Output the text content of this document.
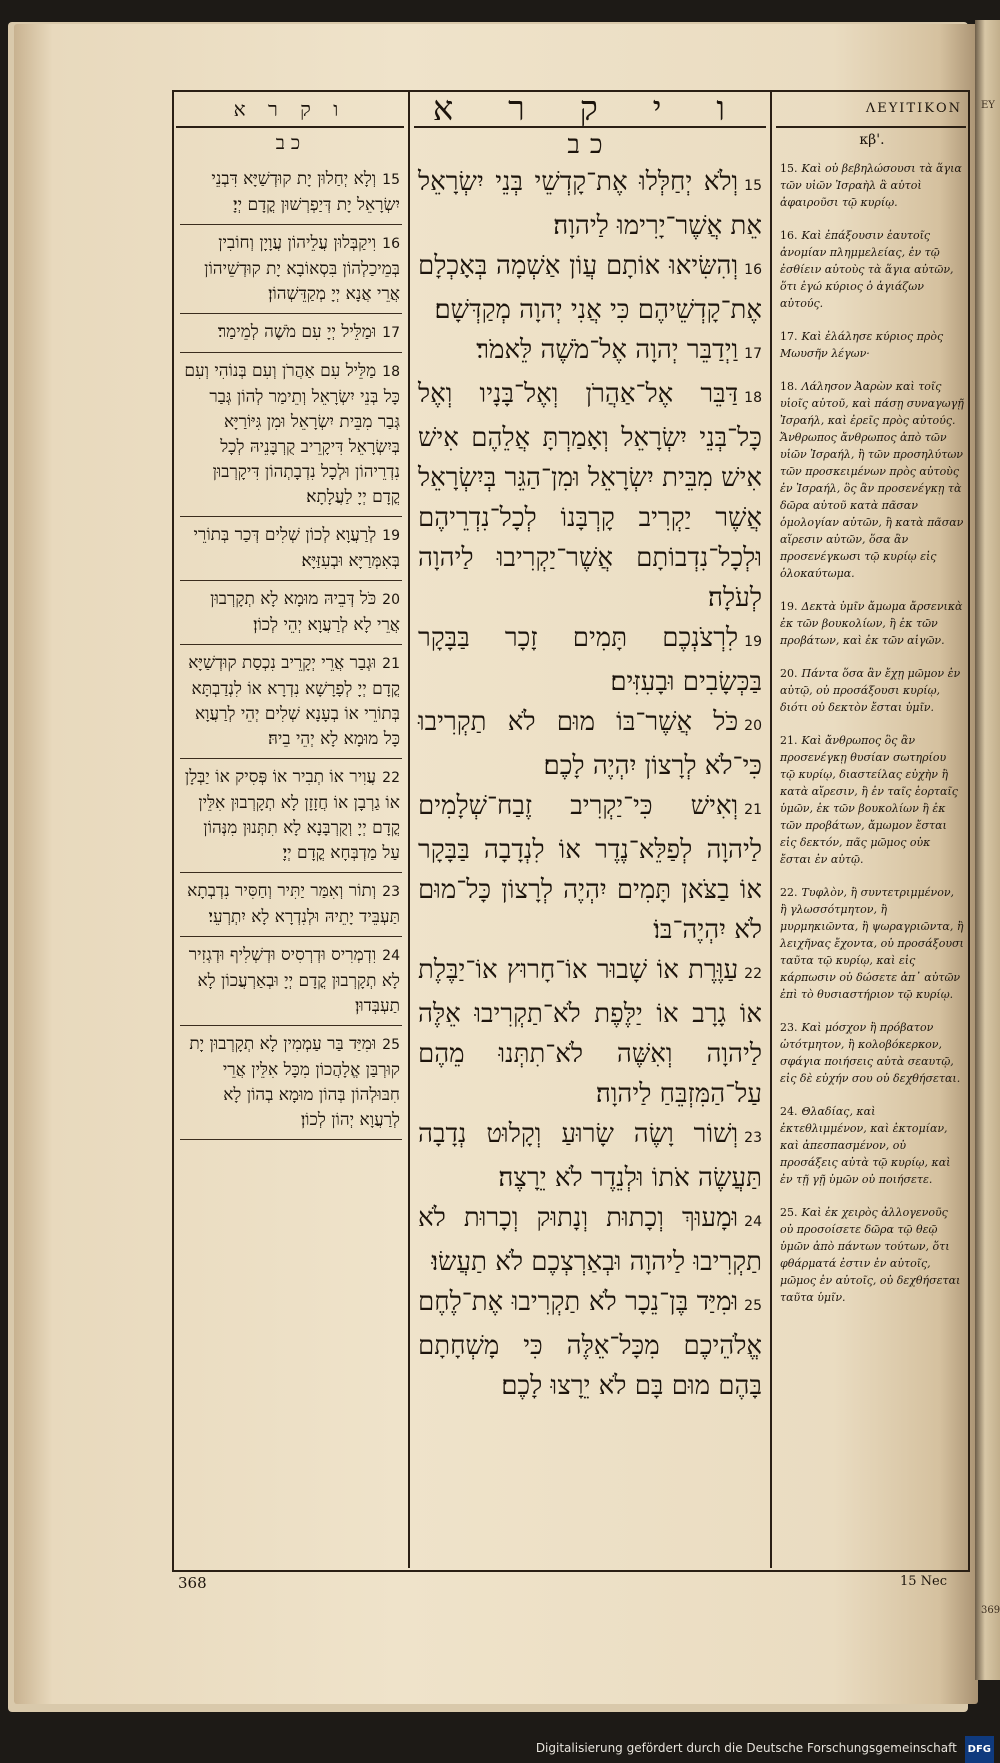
ΕΥ
369
ו ק ר א	ו י ק ר א	ΛΕΥΙΤΙΚΟΝ
כב

15וְלָא יְחַלוּן יָת קוּדְשַׁיָּא דִּבְנֵי יִשְׂרָאֵל יָת דְּיַפְרְשׁוּן קֳדָם יְיָ׃

16וִיקַבְּלוּן עֲלֵיהוֹן עֲוָיָן וְחוֹבִין בְּמֵיכַלְהוֹן בִּסְאוֹבָא יָת קוּדְשֵׁיהוֹן אֲרֵי אֲנָא יְיָ מְקַדֵּשְׁהוֹן׃

17וּמַלֵּיל יְיָ עִם מֹשֶׁה לְמֵימַר׃

18מַלֵּיל עִם אַהֲרֹן וְעִם בְּנוֹהִי וְעִם כָּל בְּנֵי יִשְׂרָאֵל וְתֵימַר לְהוֹן גְּבַר גְּבַר מִבֵּית יִשְׂרָאֵל וּמִן גִּיּוֹרַיָּא בְּיִשְׂרָאֵל דִּיקָרֵיב קֻרְבָּנֵיהּ לְכָל נִדְרֵיהוֹן וּלְכָל נִדְבָתְהוֹן דִּיקָרְבוּן קֳדָם יְיָ לַעֲלָתָא׃

19לְרַעֲוָא לְכוֹן שְׁלִים דְּכַר בְּתוֹרֵי בְּאִמְּרַיָּא וּבְעִזַּיָּא׃

20כֹּל דְּבֵיהּ מוּמָא לָא תְקָרְבוּן אֲרֵי לָא לְרַעֲוָא יְהֵי לְכוֹן׃

21וּגְבַר אֲרֵי יְקָרֵיב נִכְסַת קוּדְשַׁיָּא קֳדָם יְיָ לְפָרָשָׁא נִדְרָא אוֹ לִנְדַבְתָּא בְּתוֹרֵי אוֹ בְעָנָא שְׁלִים יְהֵי לְרַעֲוָא כָּל מוּמָא לָא יְהֵי בֵיהּ׃

22עֲוִיר אוֹ תְבִיר אוֹ פְּסִיק אוֹ יַבְּלָן אוֹ גַרְבָן אוֹ חֲזָזָן לָא תְקָרְבוּן אִלֵּין קֳדָם יְיָ וְקֻרְבָּנָא לָא תִתְּנוּן מִנְּהוֹן עַל מַדְבְּחָא קֳדָם יְיָ׃

23וְתוֹר וְאִמַּר יַתִּיר וְחַסִּיר נִדְבְתָא תַּעְבֵּיד יָתֵיהּ וּלְנִדְרָא לָא יִתְרְעֵי׃

24וִדְמְרִיס וּדְרְסִיס וּדְשְׁלִיף וּדְגְזִיר לָא תְקָרְבוּן קֳדָם יְיָ וּבְאַרְעֲכוֹן לָא תַעְבְּדוּן׃

25וּמִיַּד בַּר עַמְמִין לָא תְקָרְבוּן יָת קוּרְבַּן אֱלָהֲכוֹן מִכָּל אִלֵּין אֲרֵי חִבּוּלְהוֹן בְּהוֹן מוּמָא בְהוֹן לָא לְרַעֲוָא יְהוֹן לְכוֹן׃

כב

15וְלֹא יְחַלְּלוּ אֶת־קָדְשֵׁי בְּנֵי יִשְׂרָאֵל אֵת אֲשֶׁר־יָרִימוּ לַיהוָה׃

16וְהִשִּׂיאוּ אוֹתָם עֲוֹן אַשְׁמָה בְּאָכְלָם אֶת־קָדְשֵׁיהֶם כִּי אֲנִי יְהוָה מְקַדְּשָׁם׃

17וַיְדַבֵּר יְהוָה אֶל־מֹשֶׁה לֵּאמֹר׃

18דַּבֵּר אֶל־אַהֲרֹן וְאֶל־בָּנָיו וְאֶל כָּל־בְּנֵי יִשְׂרָאֵל וְאָמַרְתָּ אֲלֵהֶם אִישׁ אִישׁ מִבֵּית יִשְׂרָאֵל וּמִן־הַגֵּר בְּיִשְׂרָאֵל אֲשֶׁר יַקְרִיב קָרְבָּנוֹ לְכָל־נִדְרֵיהֶם וּלְכָל־נִדְבוֹתָם אֲשֶׁר־יַקְרִיבוּ לַיהוָה לְעֹלָה׃

19לִרְצֹנְכֶם תָּמִים זָכָר בַּבָּקָר בַּכְּשָׂבִים וּבָעִזִּים׃

20כֹּל אֲשֶׁר־בּוֹ מוּם לֹא תַקְרִיבוּ כִּי־לֹא לְרָצוֹן יִהְיֶה לָכֶם׃

21וְאִישׁ כִּי־יַקְרִיב זֶבַח־שְׁלָמִים לַיהוָה לְפַלֵּא־נֶדֶר אוֹ לִנְדָבָה בַּבָּקָר אוֹ בַצֹּאן תָּמִים יִהְיֶה לְרָצוֹן כָּל־מוּם לֹא יִהְיֶה־בּוֹ׃

22עַוֶּרֶת אוֹ שָׁבוּר אוֹ־חָרוּץ אוֹ־יַבֶּלֶת אוֹ גָרָב אוֹ יַלֶּפֶת לֹא־תַקְרִיבוּ אֵלֶּה לַיהוָה וְאִשֶּׁה לֹא־תִתְּנוּ מֵהֶם עַל־הַמִּזְבֵּחַ לַיהוָה׃

23וְשׁוֹר וָשֶׂה שָׂרוּעַ וְקָלוּט נְדָבָה תַּעֲשֶׂה אֹתוֹ וּלְנֵדֶר לֹא יֵרָצֶה׃

24וּמָעוּךְ וְכָתוּת וְנָתוּק וְכָרוּת לֹא תַקְרִיבוּ לַיהוָה וּבְאַרְצְכֶם לֹא תַעֲשׂוּ׃

25וּמִיַּד בֶּן־נֵכָר לֹא תַקְרִיבוּ אֶת־לֶחֶם אֱלֹהֵיכֶם מִכָּל־אֵלֶּה כִּי מָשְׁחָתָם בָּהֶם מוּם בָּם לֹא יֵרָצוּ לָכֶם׃

κβ'.

15. Καὶ οὐ βεβηλώσουσι τὰ ἅγια τῶν υἱῶν Ἰσραὴλ ἃ αὐτοὶ ἀφαιροῦσι τῷ κυρίῳ.

16. Καὶ ἐπάξουσιν ἑαυτοῖς ἀνομίαν πλημμελείας, ἐν τῷ ἐσθίειν αὐτοὺς τὰ ἅγια αὐτῶν, ὅτι ἐγώ κύριος ὁ ἁγιάζων αὐτούς.

17. Καὶ ἐλάλησε κύριος πρὸς Μωυσῆν λέγων·

18. Λάλησον Ἀαρὼν καὶ τοῖς υἱοῖς αὐτοῦ, καὶ πάσῃ συναγωγῇ Ἰσραήλ, καὶ ἐρεῖς πρὸς αὐτούς. Ἄνθρωπος ἄνθρωπος ἀπὸ τῶν υἱῶν Ἰσραήλ, ἢ τῶν προσηλύτων τῶν προσκειμένων πρὸς αὐτοὺς ἐν Ἰσραήλ, ὃς ἂν προσενέγκῃ τὰ δῶρα αὐτοῦ κατὰ πᾶσαν ὁμολογίαν αὐτῶν, ἢ κατὰ πᾶσαν αἵρεσιν αὐτῶν, ὅσα ἂν προσενέγκωσι τῷ κυρίῳ εἰς ὁλοκαύτωμα.

19. Δεκτὰ ὑμῖν ἄμωμα ἄρσενικὰ ἐκ τῶν βουκολίων, ἢ ἐκ τῶν προβάτων, καὶ ἐκ τῶν αἰγῶν.

20. Πάντα ὅσα ἂν ἔχῃ μῶμον ἐν αὐτῷ, οὐ προσάξουσι κυρίῳ, διότι οὐ δεκτὸν ἔσται ὑμῖν.

21. Καὶ ἄνθρωπος ὃς ἂν προσενέγκῃ θυσίαν σωτηρίου τῷ κυρίῳ, διαστείλας εὐχὴν ἢ κατὰ αἵρεσιν, ἢ ἐν ταῖς ἑορταῖς ὑμῶν, ἐκ τῶν βουκολίων ἢ ἐκ τῶν προβάτων, ἄμωμον ἔσται εἰς δεκτόν, πᾶς μῶμος οὐκ ἔσται ἐν αὐτῷ.

22. Τυφλὸν, ἢ συντετριμμένον, ἢ γλωσσότμητον, ἢ μυρμηκιῶντα, ἢ ψωραγριῶντα, ἢ λειχῆνας ἔχοντα, οὐ προσάξουσι ταῦτα τῷ κυρίῳ, καὶ εἰς κάρπωσιν οὐ δώσετε ἀπ᾿ αὐτῶν ἐπὶ τὸ θυσιαστήριον τῷ κυρίῳ.

23. Καὶ μόσχον ἢ πρόβατον ὠτότμητον, ἢ κολοβόκερκον, σφάγια ποιήσεις αὐτὰ σεαυτῷ, εἰς δὲ εὐχήν σου οὐ δεχθήσεται.

24. Θλαδίας, καὶ ἐκτεθλιμμένον, καὶ ἐκτομίαν, καὶ ἀπεσπασμένον, οὐ προσάξεις αὐτὰ τῷ κυρίῳ, καὶ ἐν τῇ γῇ ὑμῶν οὐ ποιήσετε.

25. Καὶ ἐκ χειρὸς ἀλλογενοῦς οὐ προσοίσετε δῶρα τῷ θεῷ ὑμῶν ἀπὸ πάντων τούτων, ὅτι φθάρματά ἐστιν ἐν αὐτοῖς, μῶμος ἐν αὐτοῖς, οὐ δεχθήσεται ταῦτα ὑμῖν.

368	15 Nec
Digitalisierung gefördert durch die Deutsche Forschungsgemeinschaft DFG
